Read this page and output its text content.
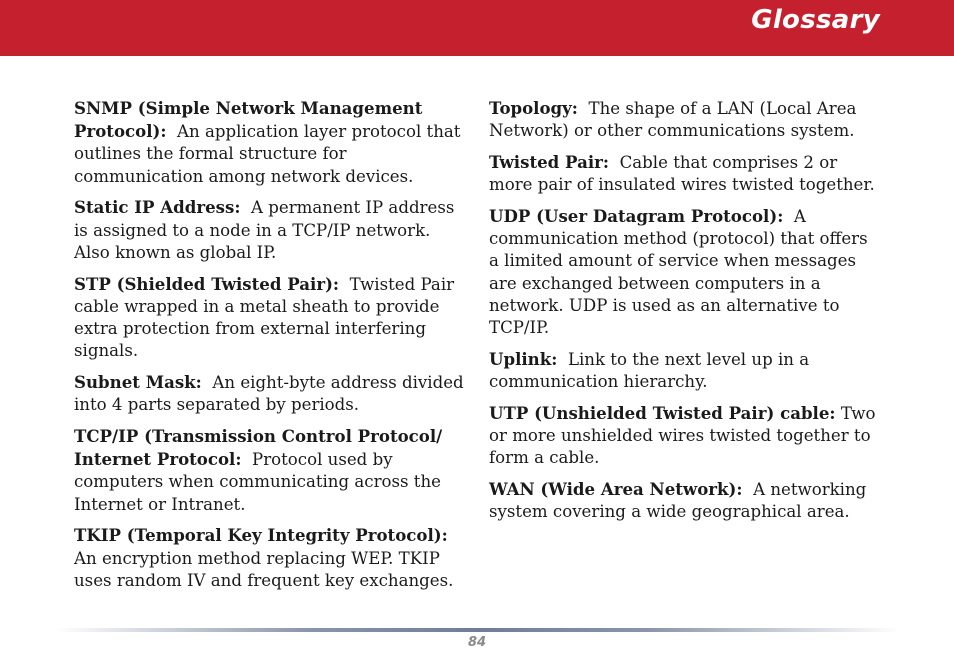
Glossary

SNMP (Simple Network Management Protocol): An application layer protocol that outlines the formal structure for communication among network devices.

Static IP Address: A permanent IP address is assigned to a node in a TCP/IP network. Also known as global IP.

STP (Shielded Twisted Pair): Twisted Pair cable wrapped in a metal sheath to provide extra protection from external interfering signals.

Subnet Mask: An eight-byte address divided into 4 parts separated by periods.

TCP/IP (Transmission Control Protocol/ Internet Protocol: Protocol used by computers when communicating across the Internet or Intranet.

TKIP (Temporal Key Integrity Protocol): An encryption method replacing WEP. TKIP uses random IV and frequent key exchanges.

Topology: The shape of a LAN (Local Area Network) or other communications system.

Twisted Pair: Cable that comprises 2 or more pair of insulated wires twisted together.

UDP (User Datagram Protocol): A communication method (protocol) that offers a limited amount of service when messages are exchanged between computers in a network. UDP is used as an alternative to TCP/IP.

Uplink: Link to the next level up in a communication hierarchy.

UTP (Unshielded Twisted Pair) cable: Two or more unshielded wires twisted together to form a cable.

WAN (Wide Area Network): A networking system covering a wide geographical area.

84
